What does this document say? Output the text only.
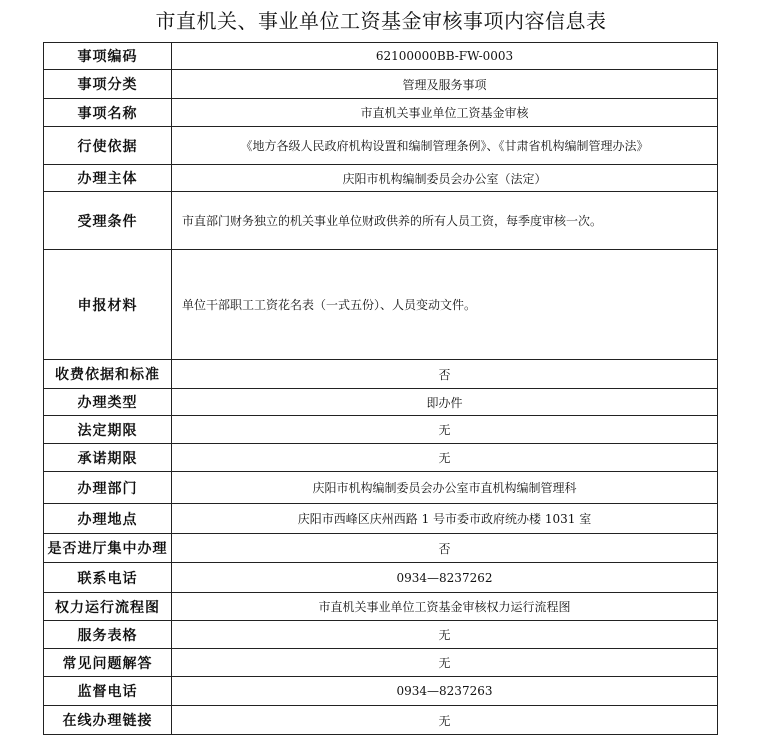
市直机关、事业单位工资基金审核事项内容信息表
事项编码	62100000BB-FW-0003
事项分类	管理及服务事项
事项名称	市直机关事业单位工资基金审核
行使依据	《地方各级人民政府机构设置和编制管理条例》、《甘肃省机构编制管理办法》
办理主体	庆阳市机构编制委员会办公室（法定）
受理条件	市直部门财务独立的机关事业单位财政供养的所有人员工资，每季度审核一次。
申报材料	单位干部职工工资花名表（一式五份）、人员变动文件。
收费依据和标准	否
办理类型	即办件
法定期限	无
承诺期限	无
办理部门	庆阳市机构编制委员会办公室市直机构编制管理科
办理地点	庆阳市西峰区庆州西路 1 号市委市政府统办楼 1031 室
是否进厅集中办理	否
联系电话	0934—8237262
权力运行流程图	市直机关事业单位工资基金审核权力运行流程图
服务表格	无
常见问题解答	无
监督电话	0934—8237263
在线办理链接	无
